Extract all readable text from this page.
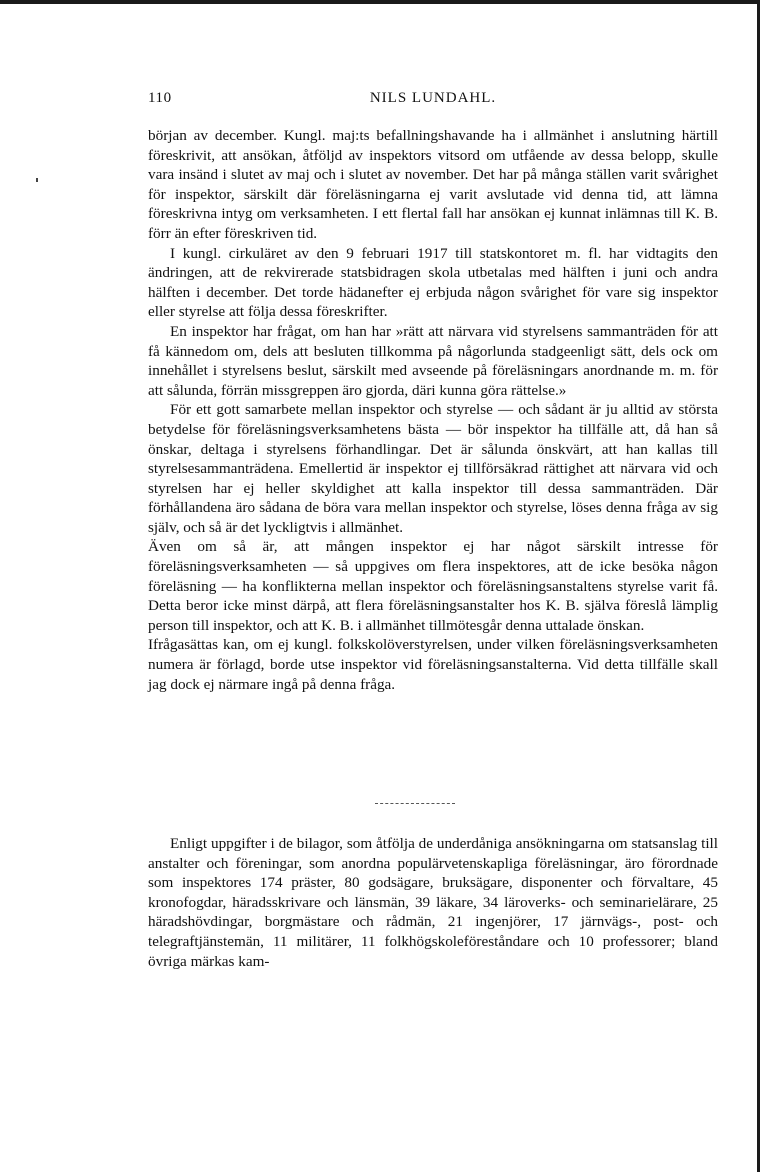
110	NILS LUNDAHL.

början av december. Kungl. maj:ts befallningshavande ha i allmänhet i anslutning härtill föreskrivit, att ansökan, åtföljd av inspektors vitsord om utfående av dessa belopp, skulle vara insänd i slutet av maj och i slutet av november. Det har på många ställen varit svårighet för inspektor, särskilt där föreläsningarna ej varit avslutade vid denna tid, att lämna föreskrivna intyg om verksamheten. I ett flertal fall har ansökan ej kunnat inlämnas till K. B. förr än efter föreskriven tid.

I kungl. cirkuläret av den 9 februari 1917 till statskontoret m. fl. har vidtagits den ändringen, att de rekvirerade statsbidragen skola utbetalas med hälften i juni och andra hälften i december. Det torde hädanefter ej erbjuda någon svårighet för vare sig inspektor eller styrelse att följa dessa föreskrifter.

En inspektor har frågat, om han har »rätt att närvara vid styrelsens sammanträden för att få kännedom om, dels att besluten tillkomma på någorlunda stadgeenligt sätt, dels ock om innehållet i styrelsens beslut, särskilt med avseende på föreläsningars anordnande m. m. för att sålunda, förrän missgreppen äro gjorda, däri kunna göra rättelse.»

För ett gott samarbete mellan inspektor och styrelse — och sådant är ju alltid av största betydelse för föreläsningsverksamhetens bästa — bör inspektor ha tillfälle att, då han så önskar, deltaga i styrelsens förhandlingar. Det är sålunda önskvärt, att han kallas till styrelsesammanträdena. Emellertid är inspektor ej tillförsäkrad rättighet att närvara vid och styrelsen har ej heller skyldighet att kalla inspektor till dessa sammanträden. Där förhållandena äro sådana de böra vara mellan inspektor och styrelse, löses denna fråga av sig själv, och så är det lyckligtvis i allmänhet.

Även om så är, att mången inspektor ej har något särskilt intresse för föreläsningsverksamheten — så uppgives om flera inspektores, att de icke besöka någon föreläsning — ha konflikterna mellan inspektor och föreläsningsanstaltens styrelse varit få. Detta beror icke minst därpå, att flera föreläsningsanstalter hos K. B. själva föreslå lämplig person till inspektor, och att K. B. i allmänhet tillmötesgår denna uttalade önskan.

Ifrågasättas kan, om ej kungl. folkskolöverstyrelsen, under vilken föreläsningsverksamheten numera är förlagd, borde utse inspektor vid föreläsningsanstalterna. Vid detta tillfälle skall jag dock ej närmare ingå på denna fråga.

Enligt uppgifter i de bilagor, som åtfölja de underdåniga ansökningarna om statsanslag till anstalter och föreningar, som anordna populärvetenskapliga föreläsningar, äro förordnade som inspektores 174 präster, 80 godsägare, bruksägare, disponenter och förvaltare, 45 kronofogdar, häradsskrivare och länsmän, 39 läkare, 34 läroverks- och seminarielärare, 25 häradshövdingar, borgmästare och rådmän, 21 ingenjörer, 17 järnvägs-, post- och telegraftjänstemän, 11 militärer, 11 folkhögskoleföreståndare och 10 professorer; bland övriga märkas kam-
